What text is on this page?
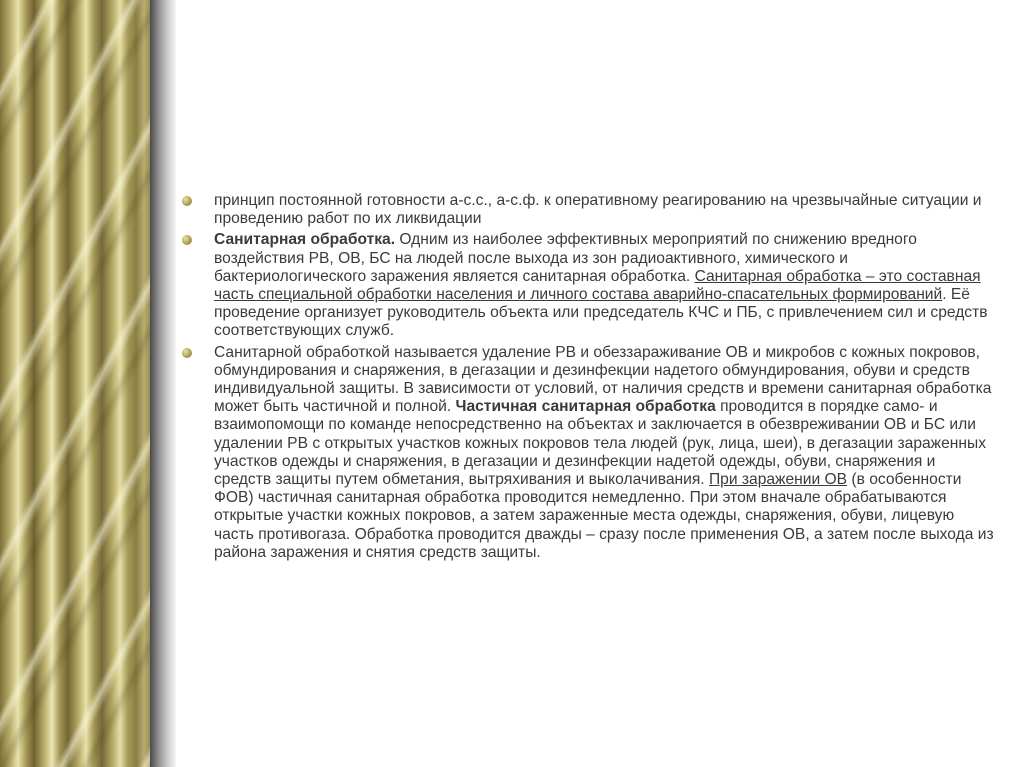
принцип постоянной готовности а-с.с., а-с.ф. к оперативному реагированию на чрезвычайные ситуации и проведению работ по их ликвидации
Санитарная обработка. Одним из наиболее эффективных мероприятий по снижению вредного воздействия РВ, ОВ, БС на людей после выхода из зон радиоактивного, химического и бактериологического заражения является санитарная обработка. Санитарная обработка – это составная часть специальной обработки населения и личного состава аварийно-спасательных формирований. Её проведение организует руководитель объекта или председатель КЧС и ПБ, с привлечением сил и средств соответствующих служб.
Санитарной обработкой называется удаление РВ и обеззараживание ОВ и микробов с кожных покровов, обмундирования и снаряжения, в дегазации и дезинфекции надетого обмундирования, обуви и средств индивидуальной защиты. В зависимости от условий, от наличия средств и времени санитарная обработка может быть частичной и полной. Частичная санитарная обработка проводится в порядке само- и взаимопомощи по команде непосредственно на объектах и заключается в обезвреживании ОВ и БС или удалении РВ с открытых участков кожных покровов тела людей (рук, лица, шеи), в дегазации зараженных участков одежды и снаряжения, в дегазации и дезинфекции надетой одежды, обуви, снаряжения и средств защиты путем обметания, вытряхивания и выколачивания. При заражении ОВ (в особенности ФОВ) частичная санитарная обработка проводится немедленно. При этом вначале обрабатываются открытые участки кожных покровов, а затем зараженные места одежды, снаряжения, обуви, лицевую часть противогаза. Обработка проводится дважды – сразу после применения ОВ, а затем после выхода из района заражения и снятия средств защиты.
